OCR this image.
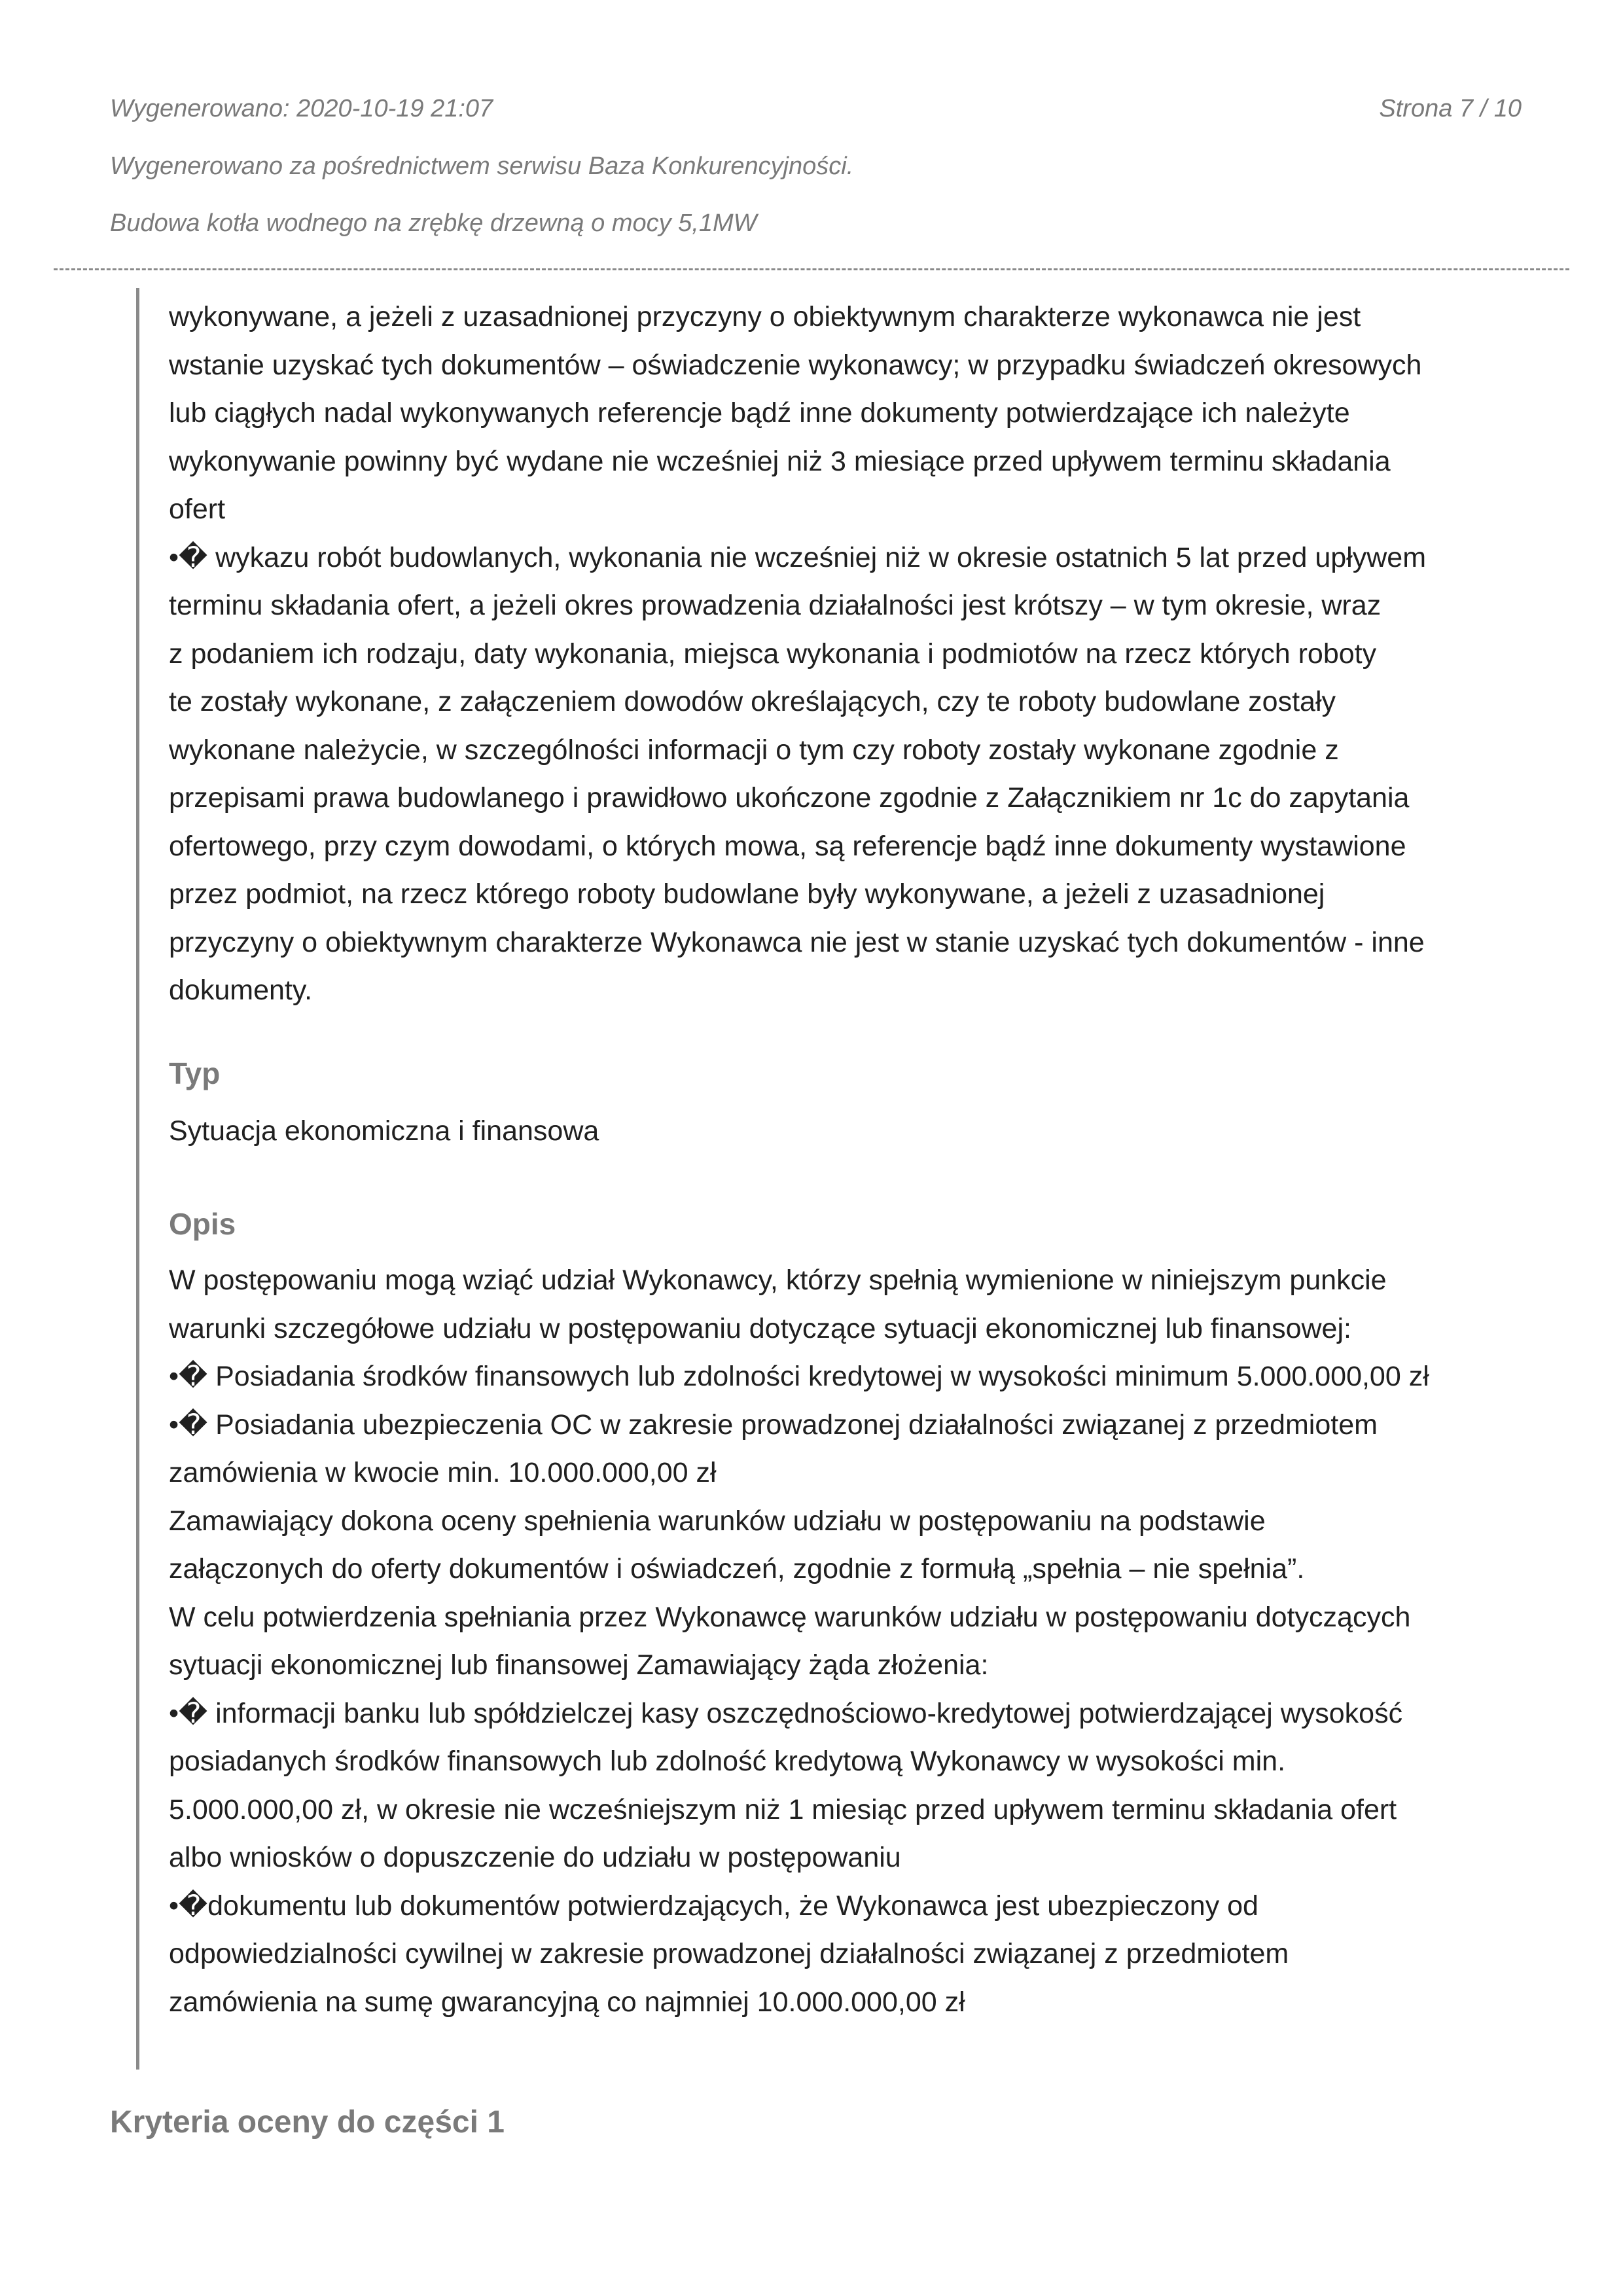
Wygenerowano: 2020-10-19 21:07	Strona 7 / 10
Wygenerowano za pośrednictwem serwisu Baza Konkurencyjności.
Budowa kotła wodnego na zrębkę drzewną o mocy 5,1MW
wykonywane, a jeżeli z uzasadnionej przyczyny o obiektywnym charakterze wykonawca nie jest
wstanie uzyskać tych dokumentów – oświadczenie wykonawcy; w przypadku świadczeń okresowych
lub ciągłych nadal wykonywanych referencje bądź inne dokumenty potwierdzające ich należyte
wykonywanie powinny być wydane nie wcześniej niż 3 miesiące przed upływem terminu składania
ofert
•� wykazu robót budowlanych, wykonania nie wcześniej niż w okresie ostatnich 5 lat przed upływem
terminu składania ofert, a jeżeli okres prowadzenia działalności jest krótszy – w tym okresie, wraz
z podaniem ich rodzaju, daty wykonania, miejsca wykonania i podmiotów na rzecz których roboty
te zostały wykonane, z załączeniem dowodów określających, czy te roboty budowlane zostały
wykonane należycie, w szczególności informacji o tym czy roboty zostały wykonane zgodnie z
przepisami prawa budowlanego i prawidłowo ukończone zgodnie z Załącznikiem nr 1c do zapytania
ofertowego, przy czym dowodami, o których mowa, są referencje bądź inne dokumenty wystawione
przez podmiot, na rzecz którego roboty budowlane były wykonywane, a jeżeli z uzasadnionej
przyczyny o obiektywnym charakterze Wykonawca nie jest w stanie uzyskać tych dokumentów - inne
dokumenty.
Typ
Sytuacja ekonomiczna i finansowa
Opis
W postępowaniu mogą wziąć udział Wykonawcy, którzy spełnią wymienione w niniejszym punkcie
warunki szczegółowe udziału w postępowaniu dotyczące sytuacji ekonomicznej lub finansowej:
•� Posiadania środków finansowych lub zdolności kredytowej w wysokości minimum 5.000.000,00 zł
•� Posiadania ubezpieczenia OC w zakresie prowadzonej działalności związanej z przedmiotem
zamówienia w kwocie min. 10.000.000,00 zł
Zamawiający dokona oceny spełnienia warunków udziału w postępowaniu na podstawie
załączonych do oferty dokumentów i oświadczeń, zgodnie z formułą „spełnia – nie spełnia”.
W celu potwierdzenia spełniania przez Wykonawcę warunków udziału w postępowaniu dotyczących
sytuacji ekonomicznej lub finansowej Zamawiający żąda złożenia:
•� informacji banku lub spółdzielczej kasy oszczędnościowo-kredytowej potwierdzającej wysokość
posiadanych środków finansowych lub zdolność kredytową Wykonawcy w wysokości min.
5.000.000,00 zł, w okresie nie wcześniejszym niż 1 miesiąc przed upływem terminu składania ofert
albo wniosków o dopuszczenie do udziału w postępowaniu
•�dokumentu lub dokumentów potwierdzających, że Wykonawca jest ubezpieczony od
odpowiedzialności cywilnej w zakresie prowadzonej działalności związanej z przedmiotem
zamówienia na sumę gwarancyjną co najmniej 10.000.000,00 zł
Kryteria oceny do części 1
